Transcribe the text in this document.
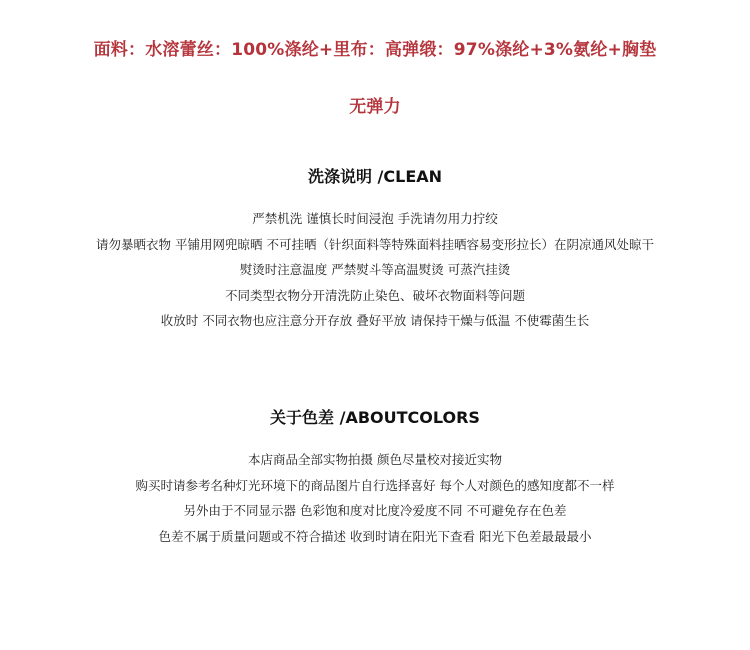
面料：水溶蕾丝：100%涤纶+里布：高弹缎：97%涤纶+3%氨纶+胸垫
无弹力
洗涤说明 /CLEAN
严禁机洗 谨慎长时间浸泡 手洗请勿用力拧绞
请勿暴晒衣物 平铺用网兜晾晒 不可挂晒（针织面料等特殊面料挂晒容易变形拉长）在阴凉通风处晾干
熨烫时注意温度 严禁熨斗等高温熨烫 可蒸汽挂烫
不同类型衣物分开清洗防止染色、破坏衣物面料等问题
收放时 不同衣物也应注意分开存放 叠好平放 请保持干燥与低温 不使霉菌生长
关于色差 /ABOUTCOLORS
本店商品全部实物拍摄 颜色尽量校对接近实物
购买时请参考名种灯光环境下的商品图片自行选择喜好 每个人对颜色的感知度都不一样
另外由于不同显示器 色彩饱和度对比度冷爱度不同 不可避免存在色差
色差不属于质量问题或不符合描述 收到时请在阳光下查看 阳光下色差最最最小
